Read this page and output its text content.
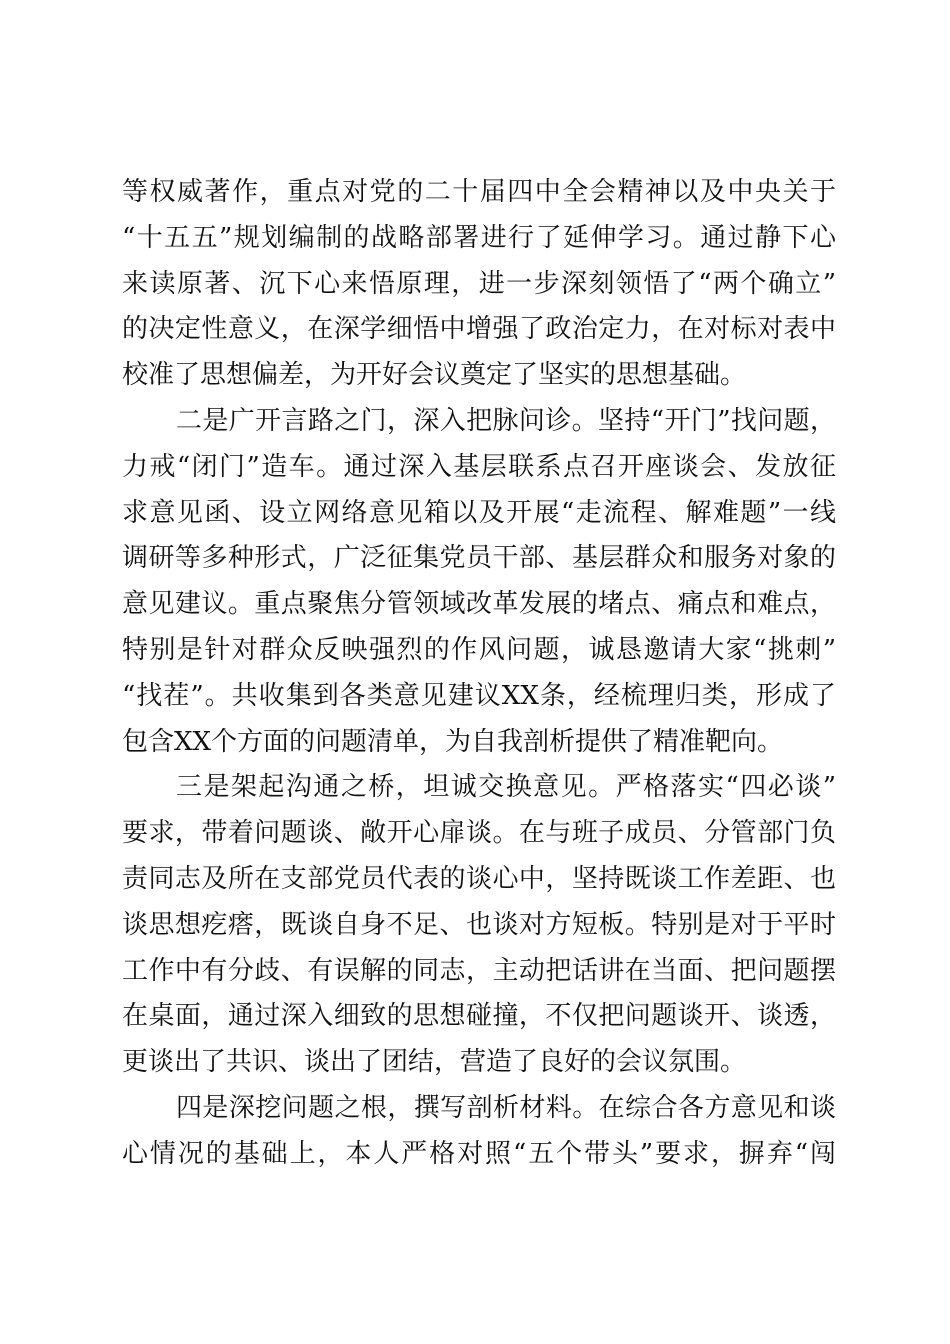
等权威著作，重点对党的二十届四中全会精神以及中央关于
“十五五”规划编制的战略部署进行了延伸学习。通过静下心
来读原著、沉下心来悟原理，进一步深刻领悟了“两个确立”
的决定性意义，在深学细悟中增强了政治定力，在对标对表中
校准了思想偏差，为开好会议奠定了坚实的思想基础。
二是广开言路之门，深入把脉问诊。坚持“开门”找问题，
力戒“闭门”造车。通过深入基层联系点召开座谈会、发放征
求意见函、设立网络意见箱以及开展“走流程、解难题”一线
调研等多种形式，广泛征集党员干部、基层群众和服务对象的
意见建议。重点聚焦分管领域改革发展的堵点、痛点和难点，
特别是针对群众反映强烈的作风问题，诚恳邀请大家“挑刺”
“找茬”。共收集到各类意见建议XX条，经梳理归类，形成了
包含XX个方面的问题清单，为自我剖析提供了精准靶向。
三是架起沟通之桥，坦诚交换意见。严格落实“四必谈”
要求，带着问题谈、敞开心扉谈。在与班子成员、分管部门负
责同志及所在支部党员代表的谈心中，坚持既谈工作差距、也
谈思想疙瘩，既谈自身不足、也谈对方短板。特别是对于平时
工作中有分歧、有误解的同志，主动把话讲在当面、把问题摆
在桌面，通过深入细致的思想碰撞，不仅把问题谈开、谈透，
更谈出了共识、谈出了团结，营造了良好的会议氛围。
四是深挖问题之根，撰写剖析材料。在综合各方意见和谈
心情况的基础上，本人严格对照“五个带头”要求，摒弃“闯
